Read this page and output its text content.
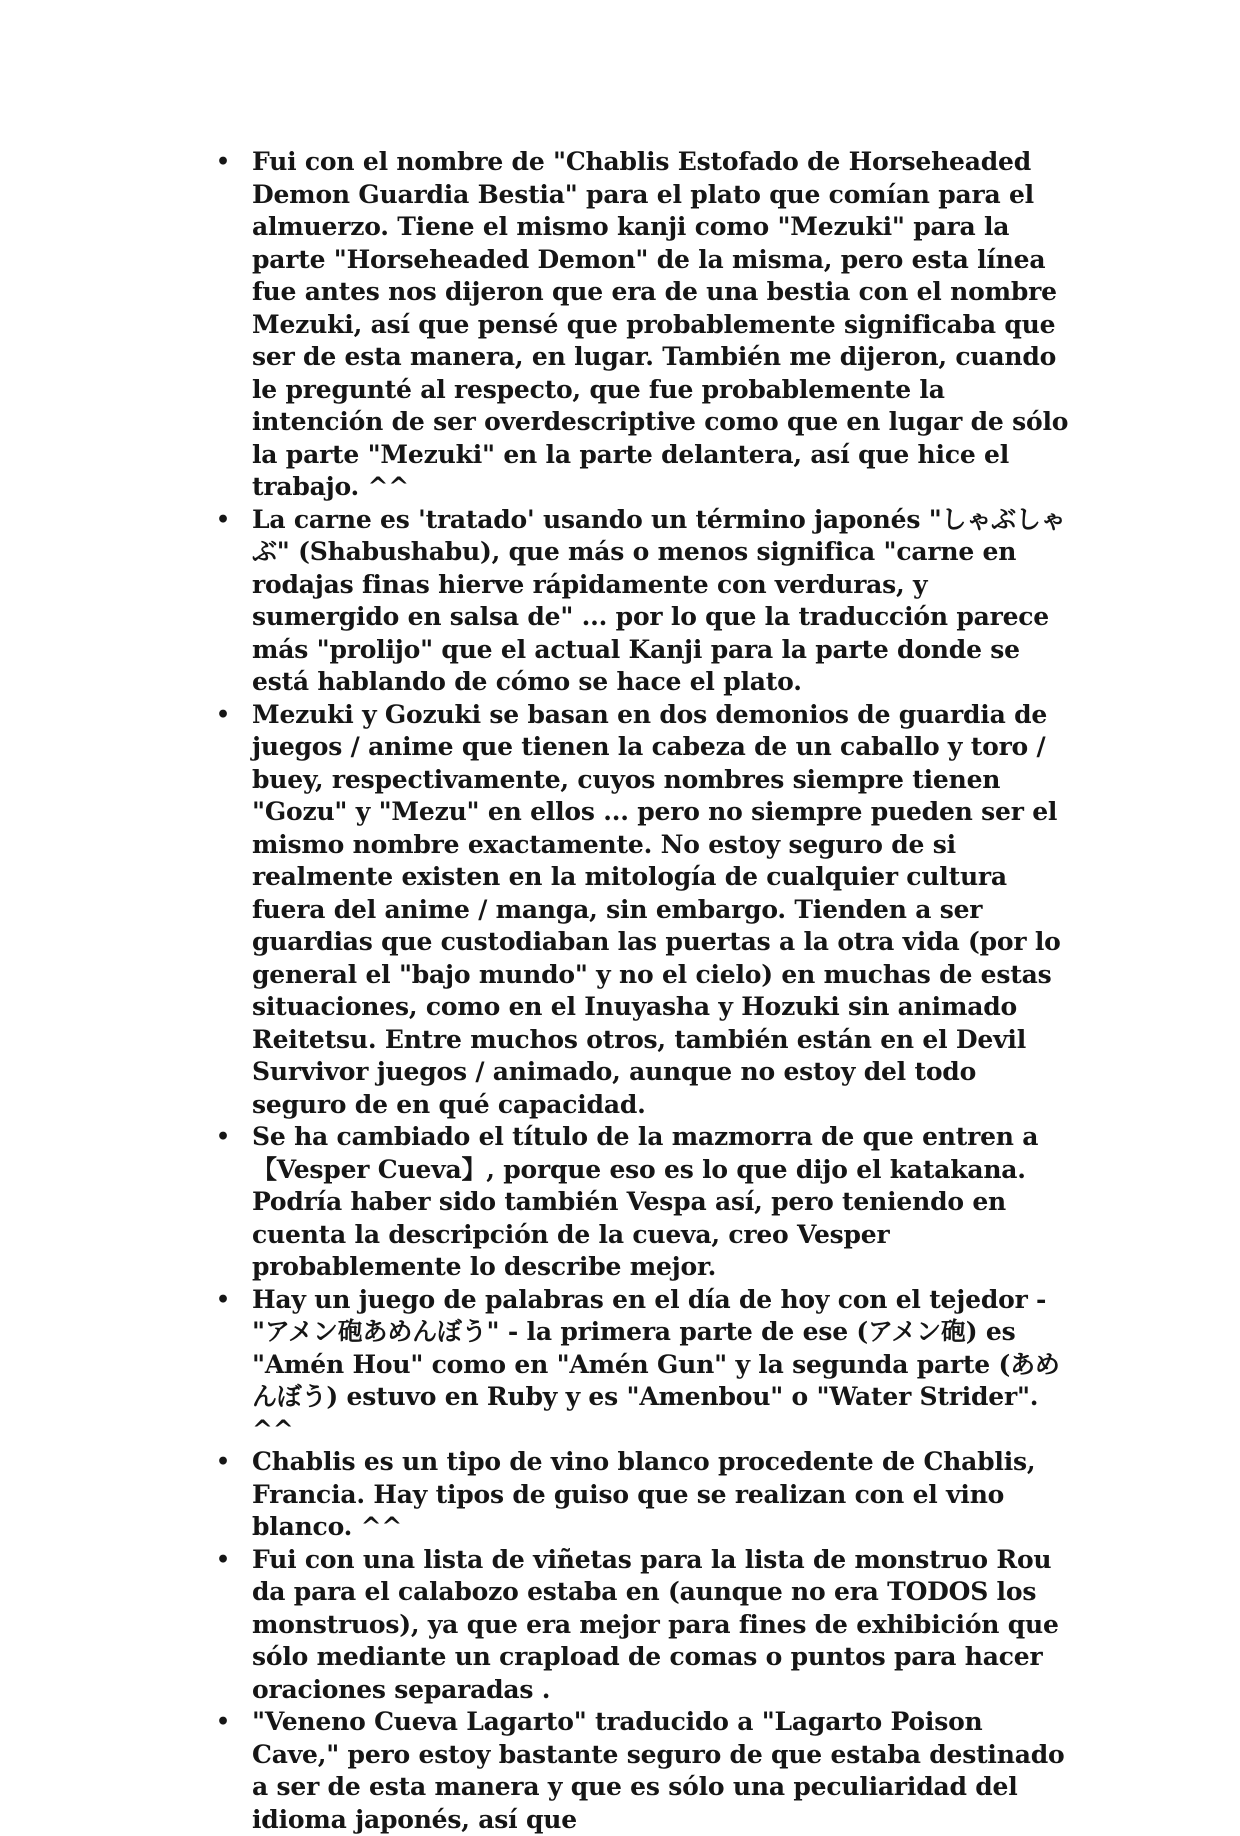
• Fui con el nombre de "Chablis Estofado de Horseheaded Demon Guardia Bestia" para el plato que comían para el almuerzo. Tiene el mismo kanji como "Mezuki" para la parte "Horseheaded Demon" de la misma, pero esta línea fue antes nos dijeron que era de una bestia con el nombre Mezuki, así que pensé que probablemente significaba que ser de esta manera, en lugar. También me dijeron, cuando le pregunté al respecto, que fue probablemente la intención de ser overdescriptive como que en lugar de sólo la parte "Mezuki" en la parte delantera, así que hice el trabajo. ^^
• La carne es 'tratado' usando un término japonés "しゃぶしゃぶ" (Shabushabu), que más o menos significa "carne en rodajas finas hierve rápidamente con verduras, y sumergido en salsa de" ... por lo que la traducción parece más "prolijo" que el actual Kanji para la parte donde se está hablando de cómo se hace el plato.
• Mezuki y Gozuki se basan en dos demonios de guardia de juegos / anime que tienen la cabeza de un caballo y toro / buey, respectivamente, cuyos nombres siempre tienen "Gozu" y "Mezu" en ellos ... pero no siempre pueden ser el mismo nombre exactamente. No estoy seguro de si realmente existen en la mitología de cualquier cultura fuera del anime / manga, sin embargo. Tienden a ser guardias que custodiaban las puertas a la otra vida (por lo general el "bajo mundo" y no el cielo) en muchas de estas situaciones, como en el Inuyasha y Hozuki sin animado Reitetsu. Entre muchos otros, también están en el Devil Survivor juegos / animado, aunque no estoy del todo seguro de en qué capacidad.
• Se ha cambiado el título de la mazmorra de que entren a 【Vesper Cueva】, porque eso es lo que dijo el katakana. Podría haber sido también Vespa así, pero teniendo en cuenta la descripción de la cueva, creo Vesper probablemente lo describe mejor.
• Hay un juego de palabras en el día de hoy con el tejedor - "アメン砲あめんぼう" - la primera parte de ese (アメン砲) es "Amén Hou" como en "Amén Gun" y la segunda parte (あめんぼう) estuvo en Ruby y es "Amenbou" o "Water Strider". ^^
• Chablis es un tipo de vino blanco procedente de Chablis, Francia. Hay tipos de guiso que se realizan con el vino blanco. ^^
• Fui con una lista de viñetas para la lista de monstruo Rou da para el calabozo estaba en (aunque no era TODOS los monstruos), ya que era mejor para fines de exhibición que sólo mediante un crapload de comas o puntos para hacer oraciones separadas .
• "Veneno Cueva Lagarto" traducido a "Lagarto Poison Cave," pero estoy bastante seguro de que estaba destinado a ser de esta manera y que es sólo una peculiaridad del idioma japonés, así que
